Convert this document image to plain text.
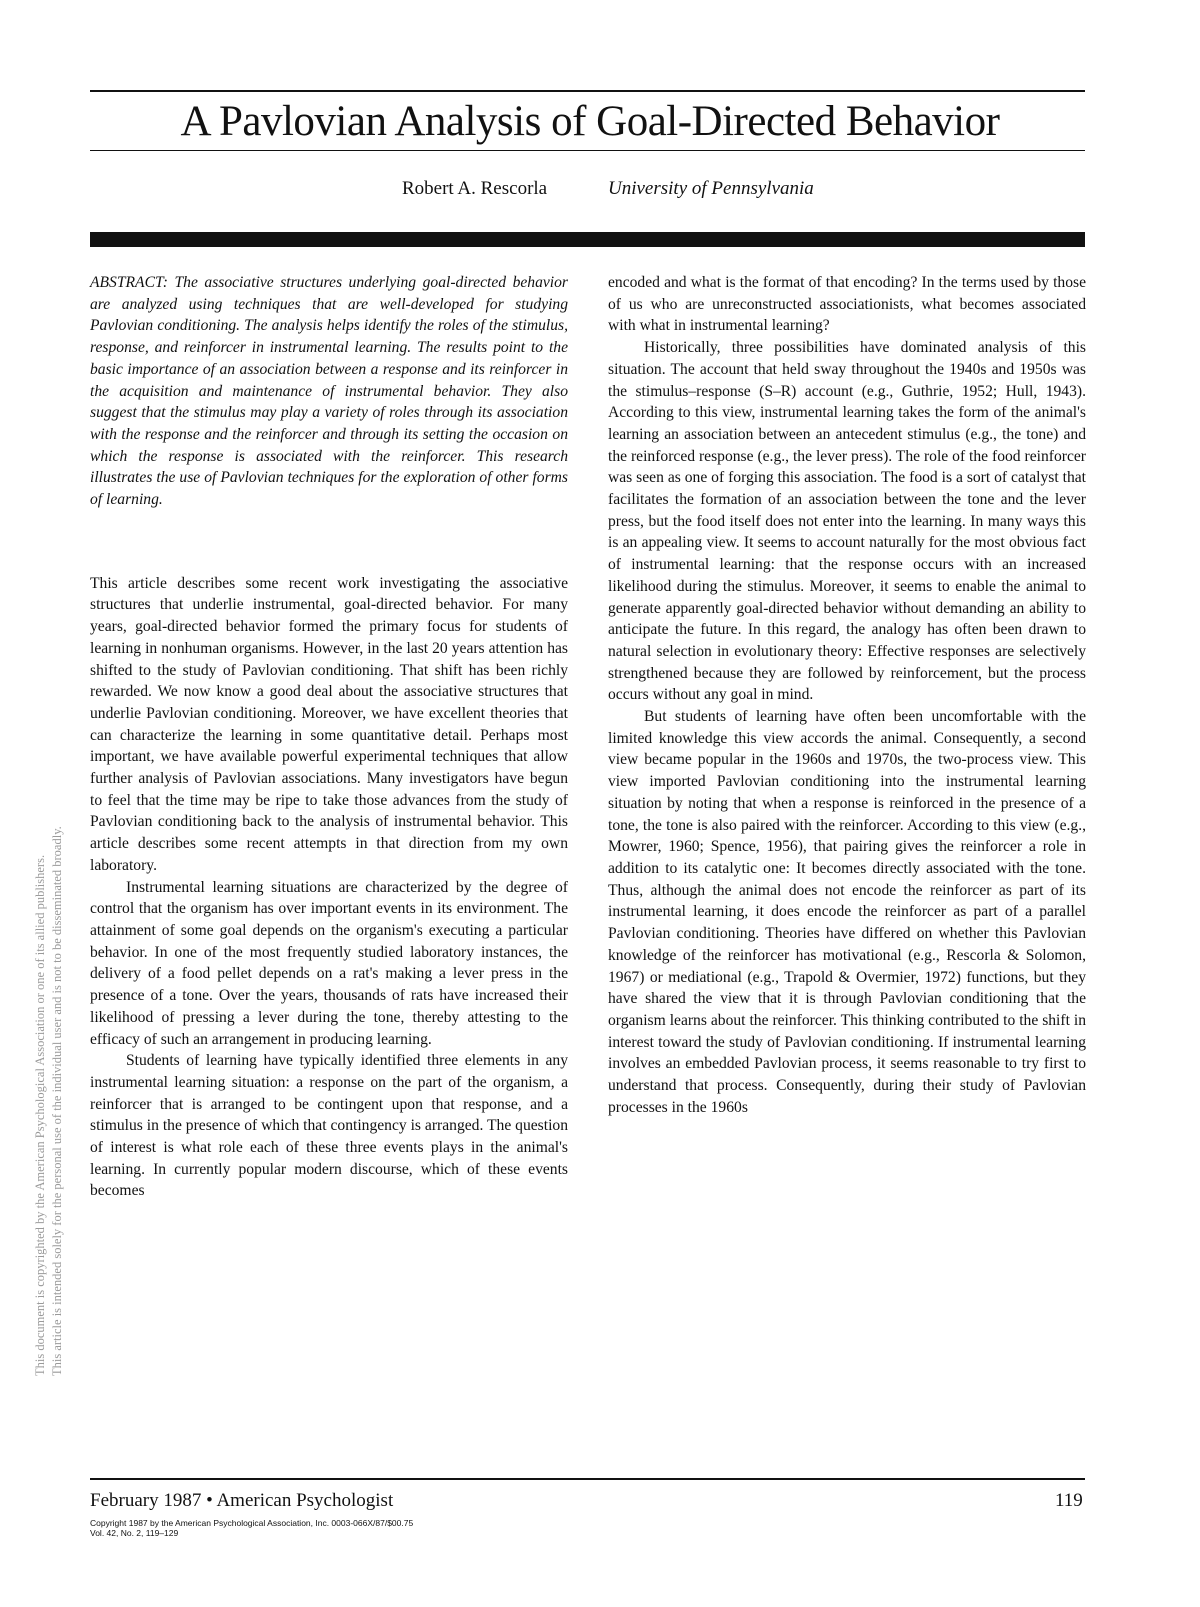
A Pavlovian Analysis of Goal-Directed Behavior
Robert A. Rescorla	University of Pennsylvania
This document is copyrighted by the American Psychological Association or one of its allied publishers. This article is intended solely for the personal use of the individual user and is not to be disseminated broadly.

ABSTRACT: The associative structures underlying goal-directed behavior are analyzed using techniques that are well-developed for studying Pavlovian conditioning. The analysis helps identify the roles of the stimulus, response, and reinforcer in instrumental learning. The results point to the basic importance of an association between a response and its reinforcer in the acquisition and maintenance of instrumental behavior. They also suggest that the stimulus may play a variety of roles through its association with the response and the reinforcer and through its setting the occasion on which the response is associated with the reinforcer. This research illustrates the use of Pavlovian techniques for the exploration of other forms of learning.

This article describes some recent work investigating the associative structures that underlie instrumental, goal-directed behavior. For many years, goal-directed behavior formed the primary focus for students of learning in nonhuman organisms. However, in the last 20 years attention has shifted to the study of Pavlovian conditioning. That shift has been richly rewarded. We now know a good deal about the associative structures that underlie Pavlovian conditioning. Moreover, we have excellent theories that can characterize the learning in some quantitative detail. Perhaps most important, we have available powerful experimental techniques that allow further analysis of Pavlovian associations. Many investigators have begun to feel that the time may be ripe to take those advances from the study of Pavlovian conditioning back to the analysis of instrumental behavior. This article describes some recent attempts in that direction from my own laboratory.

Instrumental learning situations are characterized by the degree of control that the organism has over important events in its environment. The attainment of some goal depends on the organism's executing a particular behavior. In one of the most frequently studied laboratory instances, the delivery of a food pellet depends on a rat's making a lever press in the presence of a tone. Over the years, thousands of rats have increased their likelihood of pressing a lever during the tone, thereby attesting to the efficacy of such an arrangement in producing learning.

Students of learning have typically identified three elements in any instrumental learning situation: a response on the part of the organism, a reinforcer that is arranged to be contingent upon that response, and a stimulus in the presence of which that contingency is arranged. The question of interest is what role each of these three events plays in the animal's learning. In currently popular modern discourse, which of these events becomes

encoded and what is the format of that encoding? In the terms used by those of us who are unreconstructed associationists, what becomes associated with what in instrumental learning?

Historically, three possibilities have dominated analysis of this situation. The account that held sway throughout the 1940s and 1950s was the stimulus–response (S–R) account (e.g., Guthrie, 1952; Hull, 1943). According to this view, instrumental learning takes the form of the animal's learning an association between an antecedent stimulus (e.g., the tone) and the reinforced response (e.g., the lever press). The role of the food reinforcer was seen as one of forging this association. The food is a sort of catalyst that facilitates the formation of an association between the tone and the lever press, but the food itself does not enter into the learning. In many ways this is an appealing view. It seems to account naturally for the most obvious fact of instrumental learning: that the response occurs with an increased likelihood during the stimulus. Moreover, it seems to enable the animal to generate apparently goal-directed behavior without demanding an ability to anticipate the future. In this regard, the analogy has often been drawn to natural selection in evolutionary theory: Effective responses are selectively strengthened because they are followed by reinforcement, but the process occurs without any goal in mind.

But students of learning have often been uncomfortable with the limited knowledge this view accords the animal. Consequently, a second view became popular in the 1960s and 1970s, the two-process view. This view imported Pavlovian conditioning into the instrumental learning situation by noting that when a response is reinforced in the presence of a tone, the tone is also paired with the reinforcer. According to this view (e.g., Mowrer, 1960; Spence, 1956), that pairing gives the reinforcer a role in addition to its catalytic one: It becomes directly associated with the tone. Thus, although the animal does not encode the reinforcer as part of its instrumental learning, it does encode the reinforcer as part of a parallel Pavlovian conditioning. Theories have differed on whether this Pavlovian knowledge of the reinforcer has motivational (e.g., Rescorla & Solomon, 1967) or mediational (e.g., Trapold & Overmier, 1972) functions, but they have shared the view that it is through Pavlovian conditioning that the organism learns about the reinforcer. This thinking contributed to the shift in interest toward the study of Pavlovian conditioning. If instrumental learning involves an embedded Pavlovian process, it seems reasonable to try first to understand that process. Consequently, during their study of Pavlovian processes in the 1960s

February 1987 • American Psychologist	119
Copyright 1987 by the American Psychological Association, Inc. 0003-066X/87/$00.75
Vol. 42, No. 2, 119–129
